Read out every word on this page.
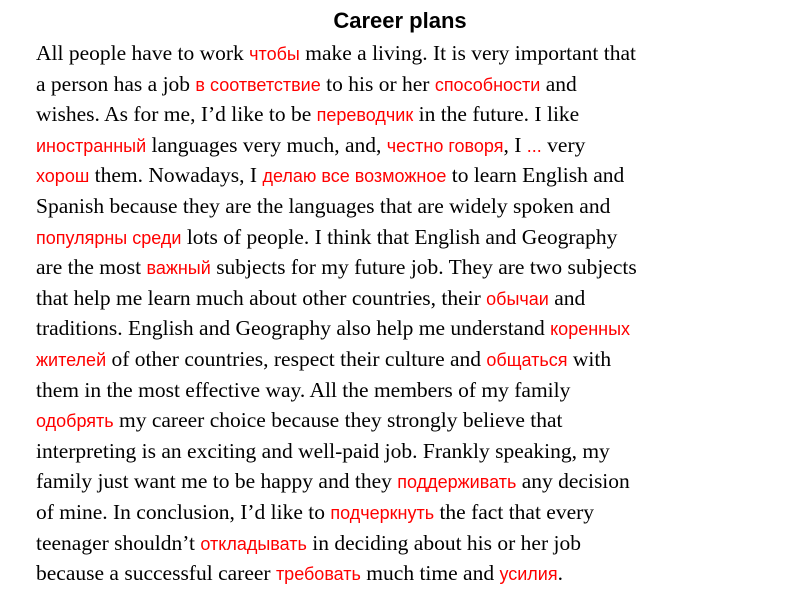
Career plans
All people have to work чтобы make a living. It is very important that
a person has a job в соответствие to his or her способности and
wishes. As for me, I’d like to be переводчик in the future. I like
иностранный languages very much, and, честно говоря, I ... very
хорош them. Nowadays, I делаю все возможное to learn English and
Spanish because they are the languages that are widely spoken and
популярны среди lots of people. I think that English and Geography
are the most важный subjects for my future job. They are two subjects
that help me learn much about other countries, their обычаи and
traditions. English and Geography also help me understand коренных
жителей of other countries, respect their culture and общаться with
them in the most effective way. All the members of my family
одобрять my career choice because they strongly believe that
interpreting is an exciting and well-paid job. Frankly speaking, my
family just want me to be happy and they поддерживать any decision
of mine. In conclusion, I’d like to подчеркнуть the fact that every
teenager shouldn’t откладывать in deciding about his or her job
because a successful career требовать much time and усилия.
